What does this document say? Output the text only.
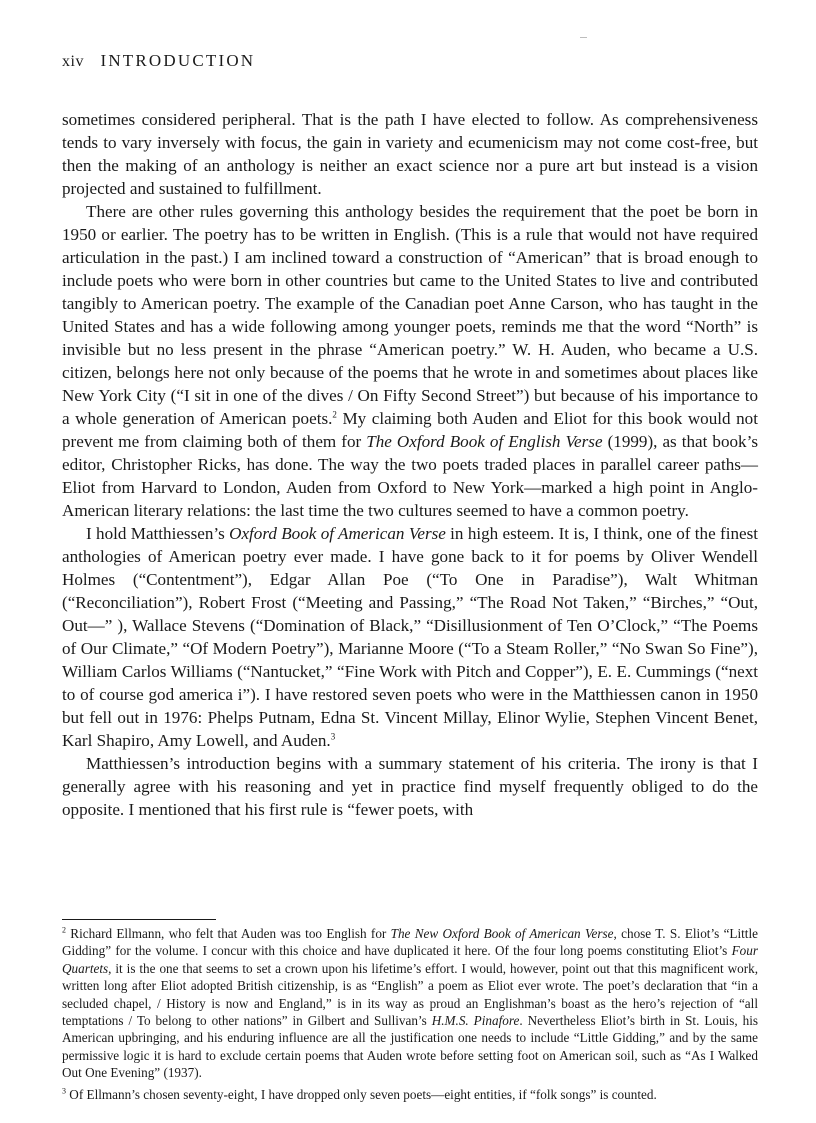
xiv INTRODUCTION

sometimes considered peripheral. That is the path I have elected to follow. As comprehensiveness tends to vary inversely with focus, the gain in variety and ecumenicism may not come cost-free, but then the making of an anthology is neither an exact science nor a pure art but instead is a vision projected and sustained to fulfillment.

There are other rules governing this anthology besides the requirement that the poet be born in 1950 or earlier. The poetry has to be written in English. (This is a rule that would not have required articulation in the past.) I am inclined toward a construction of “American” that is broad enough to include poets who were born in other countries but came to the United States to live and contributed tangibly to American poetry. The example of the Canadian poet Anne Carson, who has taught in the United States and has a wide following among younger poets, reminds me that the word “North” is invisible but no less present in the phrase “American poetry.” W. H. Auden, who became a U.S. citizen, belongs here not only because of the poems that he wrote in and sometimes about places like New York City (“I sit in one of the dives / On Fifty Second Street”) but because of his importance to a whole generation of American poets.$^2$ My claiming both Auden and Eliot for this book would not prevent me from claiming both of them for The Oxford Book of English Verse (1999), as that book’s editor, Christopher Ricks, has done. The way the two poets traded places in parallel career paths—Eliot from Harvard to London, Auden from Oxford to New York—marked a high point in Anglo-American literary relations: the last time the two cultures seemed to have a common poetry.

I hold Matthiessen’s Oxford Book of American Verse in high esteem. It is, I think, one of the finest anthologies of American poetry ever made. I have gone back to it for poems by Oliver Wendell Holmes (“Contentment”), Edgar Allan Poe (“To One in Paradise”), Walt Whitman (“Reconciliation”), Robert Frost (“Meeting and Passing,” “The Road Not Taken,” “Birches,” “Out, Out—” ), Wallace Stevens (“Domination of Black,” “Disillusionment of Ten O’Clock,” “The Poems of Our Climate,” “Of Modern Poetry”), Marianne Moore (“To a Steam Roller,” “No Swan So Fine”), William Carlos Williams (“Nantucket,” “Fine Work with Pitch and Copper”), E. E. Cummings (“next to of course god america i”). I have restored seven poets who were in the Matthiessen canon in 1950 but fell out in 1976: Phelps Putnam, Edna St. Vincent Millay, Elinor Wylie, Stephen Vincent Benet, Karl Shapiro, Amy Lowell, and Auden.$^3$

Matthiessen’s introduction begins with a summary statement of his criteria. The irony is that I generally agree with his reasoning and yet in practice find myself frequently obliged to do the opposite. I mentioned that his first rule is “fewer poets, with

$^2$ Richard Ellmann, who felt that Auden was too English for The New Oxford Book of American Verse, chose T. S. Eliot’s “Little Gidding” for the volume. I concur with this choice and have duplicated it here. Of the four long poems constituting Eliot’s Four Quartets, it is the one that seems to set a crown upon his lifetime’s effort. I would, however, point out that this magnificent work, written long after Eliot adopted British citizenship, is as “English” a poem as Eliot ever wrote. The poet’s declaration that “in a secluded chapel, / History is now and England,” is in its way as proud an Englishman’s boast as the hero’s rejection of “all temptations / To belong to other nations” in Gilbert and Sullivan’s H.M.S. Pinafore. Nevertheless Eliot’s birth in St. Louis, his American upbringing, and his enduring influence are all the justification one needs to include “Little Gidding,” and by the same permissive logic it is hard to exclude certain poems that Auden wrote before setting foot on American soil, such as “As I Walked Out One Evening” (1937).

$^3$ Of Ellmann’s chosen seventy-eight, I have dropped only seven poets—eight entities, if “folk songs” is counted.
